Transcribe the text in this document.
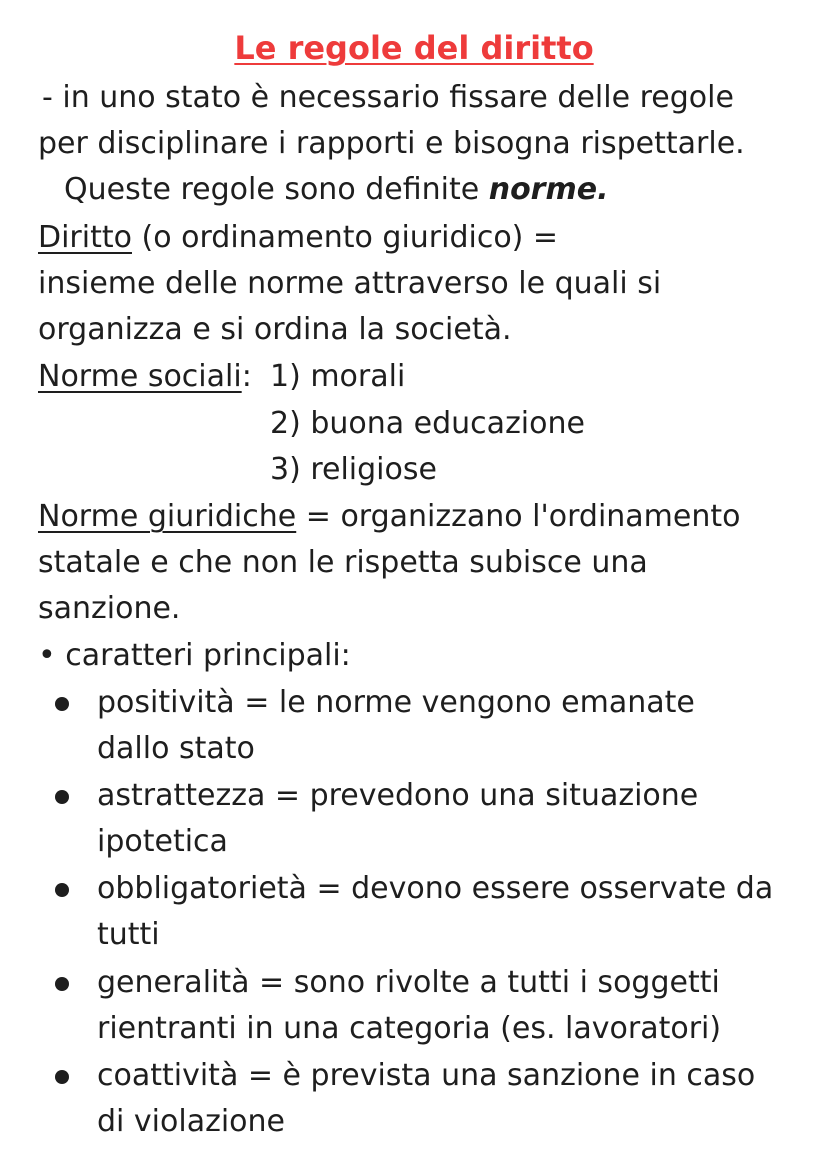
Le regole del diritto
- in uno stato è necessario fissare delle regole
per disciplinare i rapporti e bisogna rispettarle.
Queste regole sono definite norme.
Diritto (o ordinamento giuridico) =
insieme delle norme attraverso le quali si
organizza e si ordina la società.
Norme sociali: 1) morali
2) buona educazione
3) religiose
Norme giuridiche = organizzano l'ordinamento
statale e che non le rispetta subisce una
sanzione.
• caratteri principali:
positività = le norme vengono emanate
dallo stato
astrattezza = prevedono una situazione
ipotetica
obbligatorietà = devono essere osservate da
tutti
generalità = sono rivolte a tutti i soggetti
rientranti in una categoria (es. lavoratori)
coattività = è prevista una sanzione in caso
di violazione
